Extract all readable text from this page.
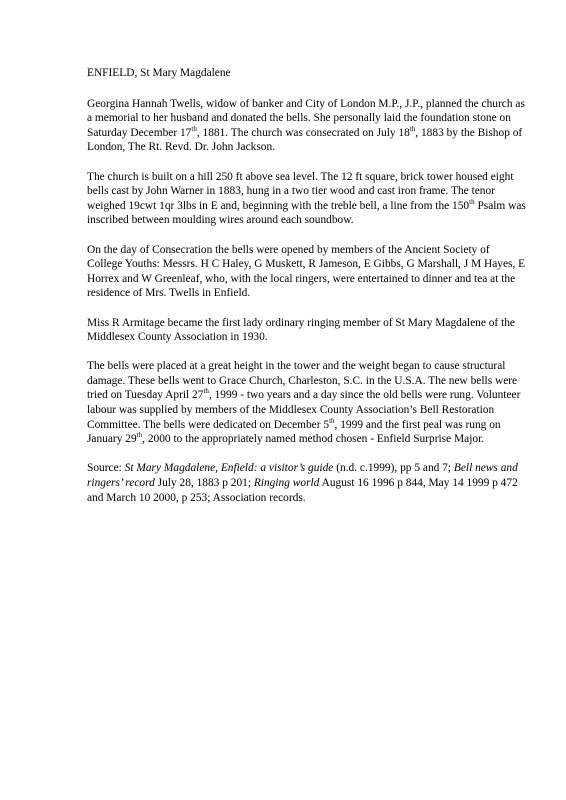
ENFIELD, St Mary Magdalene

Georgina Hannah Twells, widow of banker and City of London M.P., J.P., planned the church as a memorial to her husband and donated the bells. She personally laid the foundation stone on Saturday December 17th, 1881. The church was consecrated on July 18th, 1883 by the Bishop of London, The Rt. Revd. Dr. John Jackson.

The church is built on a hill 250 ft above sea level. The 12 ft square, brick tower housed eight bells cast by John Warner in 1883, hung in a two tier wood and cast iron frame. The tenor weighed 19cwt 1qr 3lbs in E and, beginning with the treble bell, a line from the 150th Psalm was inscribed between moulding wires around each soundbow.

On the day of Consecration the bells were opened by members of the Ancient Society of College Youths: Messrs. H C Haley, G Muskett, R Jameson, E Gibbs, G Marshall, J M Hayes, E Horrex and W Greenleaf, who, with the local ringers, were entertained to dinner and tea at the residence of Mrs. Twells in Enfield.

Miss R Armitage became the first lady ordinary ringing member of St Mary Magdalene of the Middlesex County Association in 1930.

The bells were placed at a great height in the tower and the weight began to cause structural damage. These bells went to Grace Church, Charleston, S.C. in the U.S.A. The new bells were tried on Tuesday April 27th, 1999 - two years and a day since the old bells were rung. Volunteer labour was supplied by members of the Middlesex County Association’s Bell Restoration Committee. The bells were dedicated on December 5th, 1999 and the first peal was rung on January 29th, 2000 to the appropriately named method chosen - Enfield Surprise Major.

Source: St Mary Magdalene, Enfield: a visitor’s guide (n.d. c.1999), pp 5 and 7; Bell news and ringers’ record July 28, 1883 p 201; Ringing world August 16 1996 p 844, May 14 1999 p 472 and March 10 2000, p 253; Association records.
